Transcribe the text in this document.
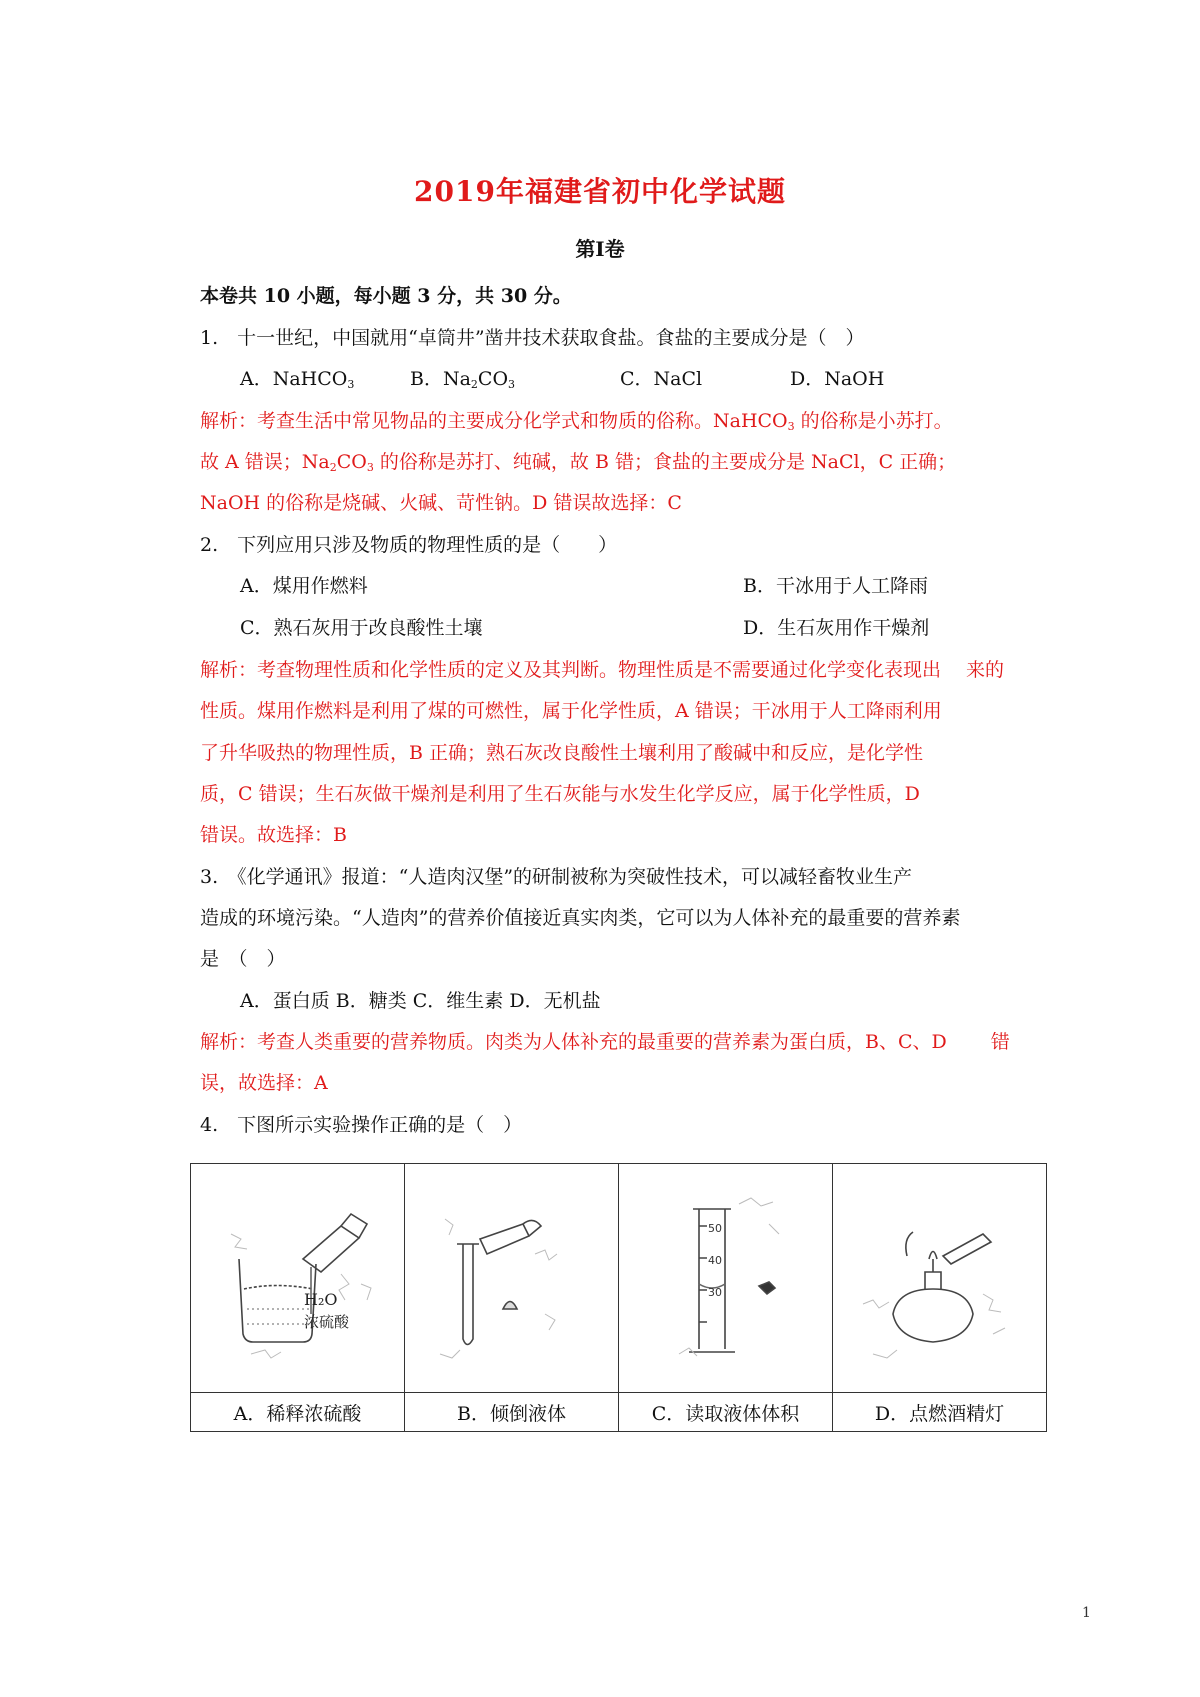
2019年福建省初中化学试题
第Ⅰ卷
本卷共 10 小题，每小题 3 分，共 30 分。
1.　十一世纪，中国就用“卓筒井”凿井技术获取食盐。食盐的主要成分是（　）
A．NaHCO$_3$	B．$Na_2CO_3$	C．NaCl	D．NaOH
解析：考查生活中常见物品的主要成分化学式和物质的俗称。NaHCO$_3$ 的俗称是小苏打。
故 A 错误；$Na_2CO_3$ 的俗称是苏打、纯碱，故 B 错；食盐的主要成分是 NaCl，C 正确；
NaOH 的俗称是烧碱、火碱、苛性钠。D 错误故选择：C
2.　下列应用只涉及物质的物理性质的是（　　）
A．煤用作燃料	B．干冰用于人工降雨
C．熟石灰用于改良酸性土壤	D．生石灰用作干燥剂
解析：考查物理性质和化学性质的定义及其判断。物理性质是不需要通过化学变化表现出　 来的
性质。煤用作燃料是利用了煤的可燃性，属于化学性质，A 错误；干冰用于人工降雨利用
了升华吸热的物理性质，B 正确；熟石灰改良酸性土壤利用了酸碱中和反应，是化学性
质，C 错误；生石灰做干燥剂是利用了生石灰能与水发生化学反应，属于化学性质，D
错误。故选择：B
3.　《化学通讯》报道：“人造肉汉堡”的研制被称为突破性技术，可以减轻畜牧业生产
造成的环境污染。“人造肉”的营养价值接近真实肉类，它可以为人体补充的最重要的营养素
是　（　）
A．蛋白质 B．糖类 C．维生素 D．无机盐
解析：考查人类重要的营养物质。肉类为人体补充的最重要的营养素为蛋白质，B、C、D　　 错
误，故选择：A
4.　下图所示实验操作正确的是（　）
H₂O
浓硫酸		50
40
30

A．稀释浓硫酸	B．倾倒液体	C．读取液体体积	D．点燃酒精灯
1
